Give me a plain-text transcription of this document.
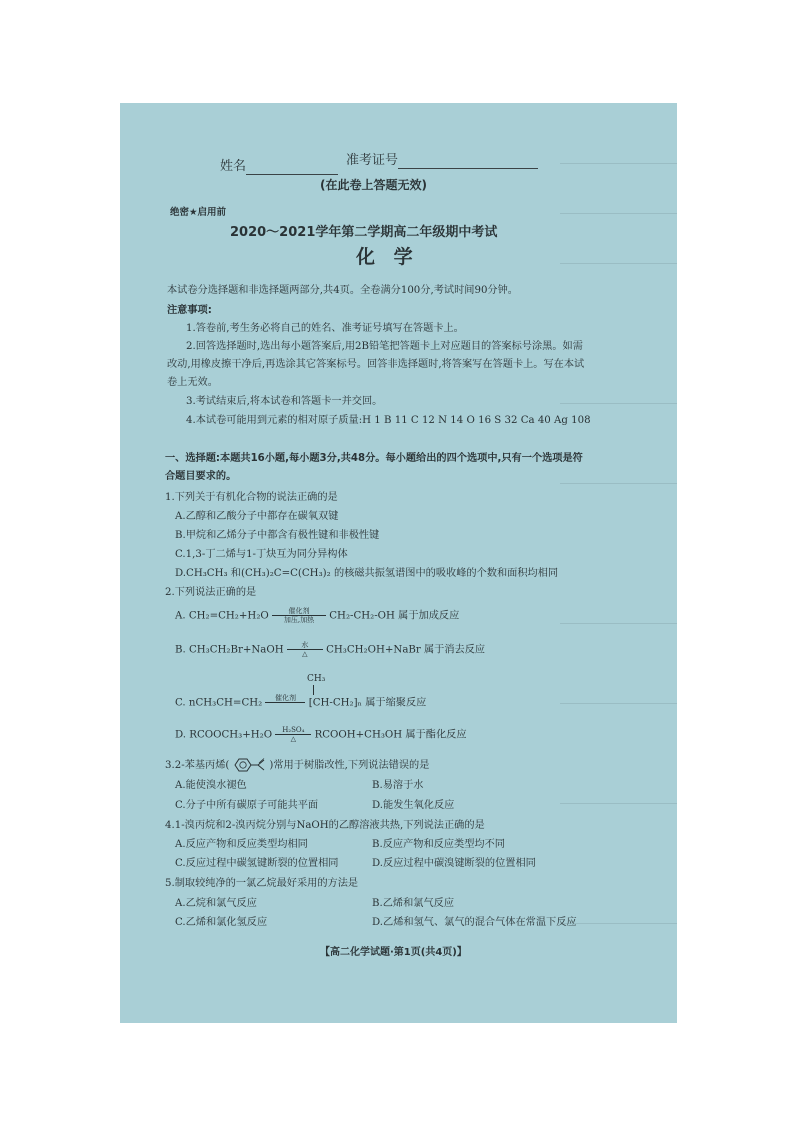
姓名	准考证号
(在此卷上答题无效)
绝密★启用前
2020～2021学年第二学期高二年级期中考试
化 学
本试卷分选择题和非选择题两部分,共4页。全卷满分100分,考试时间90分钟。
注意事项:
1.答卷前,考生务必将自己的姓名、准考证号填写在答题卡上。
2.回答选择题时,选出每小题答案后,用2B铅笔把答题卡上对应题目的答案标号涂黑。如需
改动,用橡皮擦干净后,再选涂其它答案标号。回答非选择题时,将答案写在答题卡上。写在本试
卷上无效。
3.考试结束后,将本试卷和答题卡一并交回。
4.本试卷可能用到元素的相对原子质量:H 1 B 11 C 12 N 14 O 16 S 32 Ca 40 Ag 108
一、选择题:本题共16小题,每小题3分,共48分。每小题给出的四个选项中,只有一个选项是符
合题目要求的。
1.下列关于有机化合物的说法正确的是
A.乙醇和乙酸分子中都存在碳氧双键
B.甲烷和乙烯分子中都含有极性键和非极性键
C.1,3-丁二烯与1-丁炔互为同分异构体
D.CH₃CH₃ 和(CH₃)₂C=C(CH₃)₂ 的核磁共振氢谱图中的吸收峰的个数和面积均相同
2.下列说法正确的是
A. CH₂=CH₂+H₂O	催化剂
加压,加热	CH₂-CH₂-OH 属于加成反应
B. CH₃CH₂Br+NaOH	水
△	CH₃CH₂OH+NaBr 属于消去反应
CH₃
C. nCH₃CH=CH₂	催化剂
	[CH-CH₂]ₙ 属于缩聚反应
D. RCOOCH₃+H₂O	H₂SO₄
△	RCOOH+CH₃OH 属于酯化反应
3.2-苯基丙烯(	)常用于树脂改性,下列说法错误的是
A.能使溴水褪色	B.易溶于水
C.分子中所有碳原子可能共平面	D.能发生氧化反应
4.1-溴丙烷和2-溴丙烷分别与NaOH的乙醇溶液共热,下列说法正确的是
A.反应产物和反应类型均相同	B.反应产物和反应类型均不同
C.反应过程中碳氢键断裂的位置相同	D.反应过程中碳溴键断裂的位置相同
5.制取较纯净的一氯乙烷最好采用的方法是
A.乙烷和氯气反应	B.乙烯和氯气反应
C.乙烯和氯化氢反应	D.乙烯和氢气、氯气的混合气体在常温下反应
【高二化学试题·第1页(共4页)】
